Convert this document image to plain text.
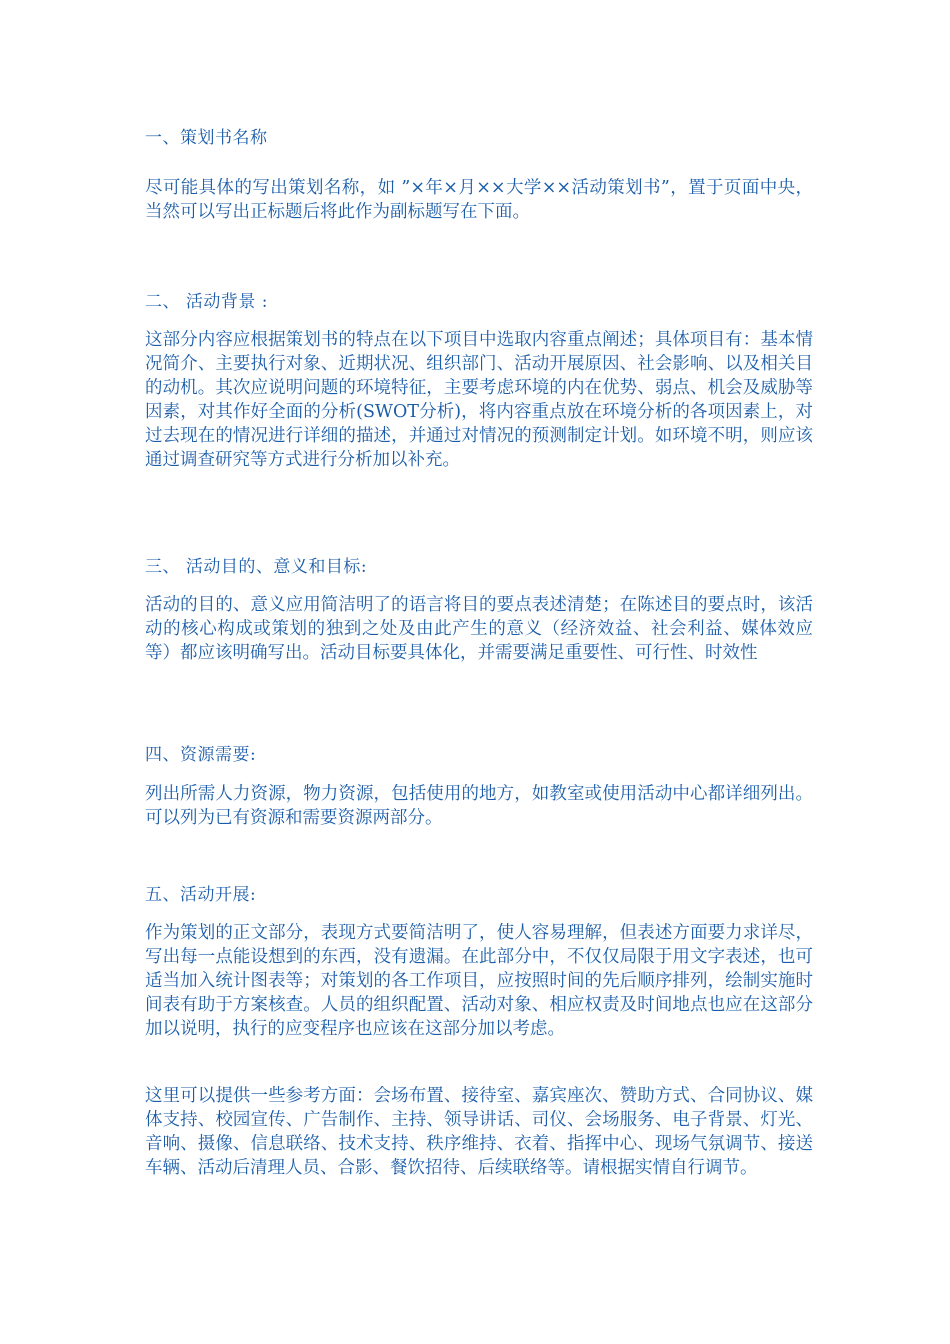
一、策划书名称
尽可能具体的写出策划名称，如 ”×年×月××大学××活动策划书”，置于页面中央，当然可以写出正标题后将此作为副标题写在下面。
二、 活动背景 :
这部分内容应根据策划书的特点在以下项目中选取内容重点阐述；具体项目有：基本情况简介、主要执行对象、近期状况、组织部门、活动开展原因、社会影响、以及相关目的动机。其次应说明问题的环境特征，主要考虑环境的内在优势、弱点、机会及威胁等因素，对其作好全面的分析(SWOT分析)，将内容重点放在环境分析的各项因素上，对过去现在的情况进行详细的描述，并通过对情况的预测制定计划。如环境不明，则应该通过调查研究等方式进行分析加以补充。
三、 活动目的、意义和目标:
活动的目的、意义应用简洁明了的语言将目的要点表述清楚；在陈述目的要点时，该活动的核心构成或策划的独到之处及由此产生的意义（经济效益、社会利益、媒体效应等）都应该明确写出。活动目标要具体化，并需要满足重要性、可行性、时效性
四、资源需要:
列出所需人力资源，物力资源，包括使用的地方，如教室或使用活动中心都详细列出。可以列为已有资源和需要资源两部分。
五、活动开展:
作为策划的正文部分，表现方式要简洁明了，使人容易理解，但表述方面要力求详尽，写出每一点能设想到的东西，没有遗漏。在此部分中，不仅仅局限于用文字表述，也可适当加入统计图表等；对策划的各工作项目，应按照时间的先后顺序排列，绘制实施时间表有助于方案核查。人员的组织配置、活动对象、相应权责及时间地点也应在这部分加以说明，执行的应变程序也应该在这部分加以考虑。
这里可以提供一些参考方面：会场布置、接待室、嘉宾座次、赞助方式、合同协议、媒体支持、校园宣传、广告制作、主持、领导讲话、司仪、会场服务、电子背景、灯光、音响、摄像、信息联络、技术支持、秩序维持、衣着、指挥中心、现场气氛调节、接送车辆、活动后清理人员、合影、餐饮招待、后续联络等。请根据实情自行调节。
